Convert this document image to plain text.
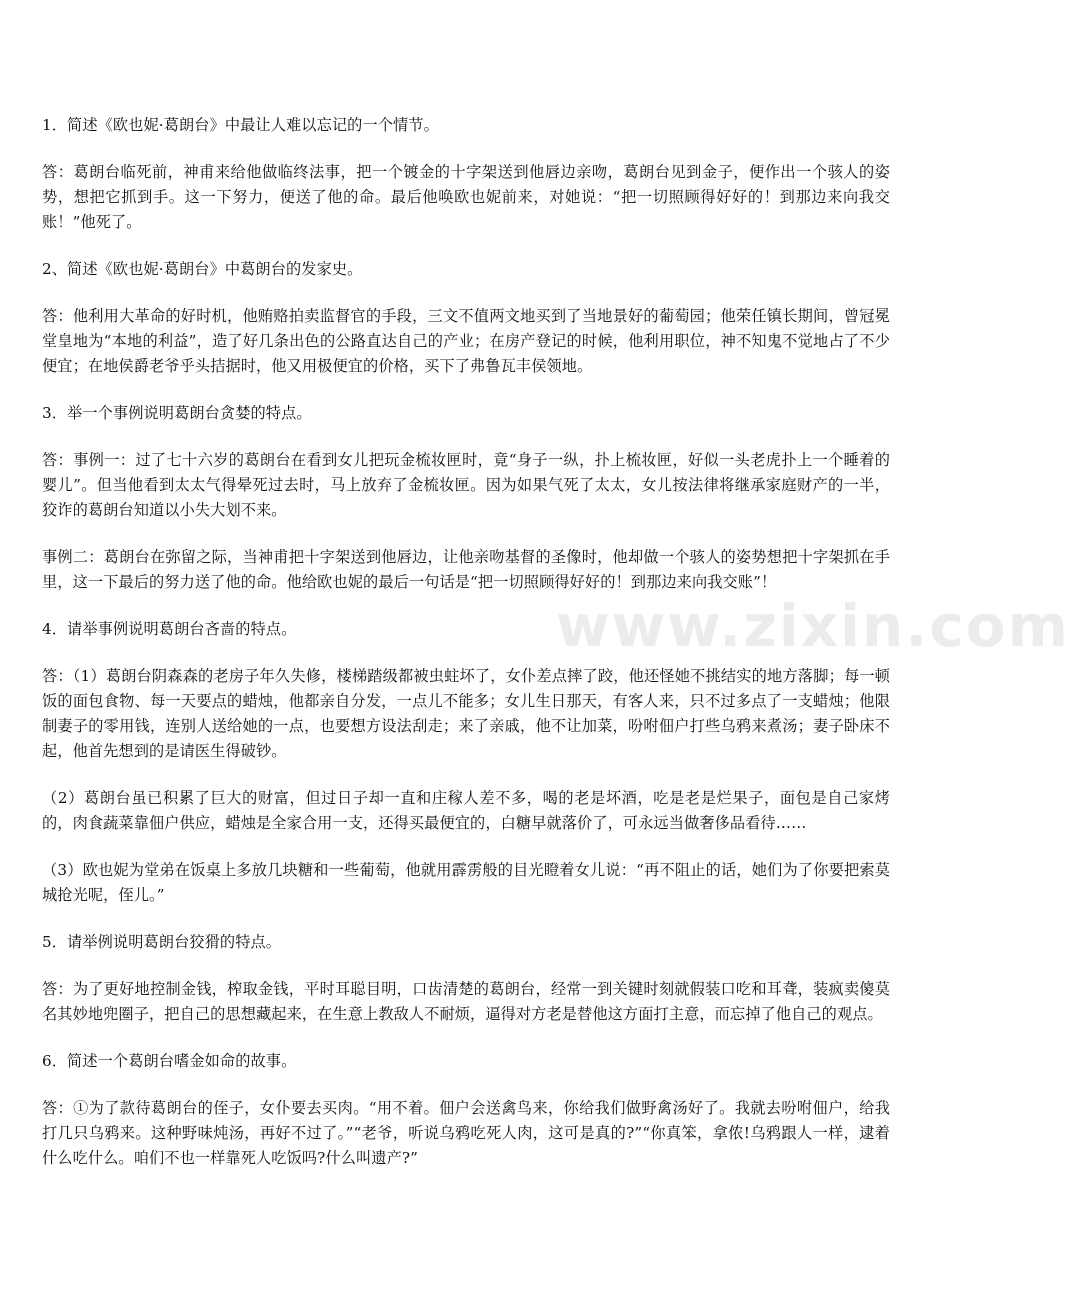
www.zixin.com

1．简述《欧也妮·葛朗台》中最让人难以忘记的一个情节。

答：葛朗台临死前，神甫来给他做临终法事，把一个镀金的十字架送到他唇边亲吻，葛朗台见到金子，便作出一个骇人的姿势，想把它抓到手。这一下努力，便送了他的命。最后他唤欧也妮前来，对她说：“把一切照顾得好好的！到那边来向我交账！”他死了。

2、简述《欧也妮·葛朗台》中葛朗台的发家史。

答：他利用大革命的好时机，他贿赂拍卖监督官的手段，三文不值两文地买到了当地景好的葡萄园；他荣任镇长期间，曾冠冕堂皇地为“本地的利益”，造了好几条出色的公路直达自己的产业；在房产登记的时候，他利用职位，神不知鬼不觉地占了不少便宜；在地侯爵老爷乎头拮据时，他又用极便宜的价格，买下了弗鲁瓦丰侯领地。

3．举一个事例说明葛朗台贪婪的特点。

答：事例一：过了七十六岁的葛朗台在看到女儿把玩金梳妆匣时，竟“身子一纵，扑上梳妆匣，好似一头老虎扑上一个睡着的婴儿”。但当他看到太太气得晕死过去时，马上放弃了金梳妆匣。因为如果气死了太太，女儿按法律将继承家庭财产的一半，狡诈的葛朗台知道以小失大划不来。

事例二：葛朗台在弥留之际，当神甫把十字架送到他唇边，让他亲吻基督的圣像时，他却做一个骇人的姿势想把十字架抓在手里，这一下最后的努力送了他的命。他给欧也妮的最后一句话是“把一切照顾得好好的！到那边来向我交账”！

4．请举事例说明葛朗台吝啬的特点。

答：（1）葛朗台阴森森的老房子年久失修，楼梯踏级都被虫蛀坏了，女仆差点摔了跤，他还怪她不挑结实的地方落脚；每一顿饭的面包食物、每一天要点的蜡烛，他都亲自分发，一点儿不能多；女儿生日那天，有客人来，只不过多点了一支蜡烛；他限制妻子的零用钱，连别人送给她的一点，也要想方设法刮走；来了亲戚，他不让加菜，吩咐佃户打些乌鸦来煮汤；妻子卧床不起，他首先想到的是请医生得破钞。

（2）葛朗台虽已积累了巨大的财富，但过日子却一直和庄稼人差不多，喝的老是坏酒，吃是老是烂果子，面包是自己家烤的，肉食蔬菜靠佃户供应，蜡烛是全家合用一支，还得买最便宜的，白糖早就落价了，可永远当做奢侈品看待……

（3）欧也妮为堂弟在饭桌上多放几块糖和一些葡萄，他就用霹雳般的目光瞪着女儿说：“再不阻止的话，她们为了你要把索莫城抢光呢，侄儿。”

5．请举例说明葛朗台狡猾的特点。

答：为了更好地控制金钱，榨取金钱，平时耳聪目明，口齿清楚的葛朗台，经常一到关键时刻就假装口吃和耳聋，装疯卖傻莫名其妙地兜圈子，把自己的思想藏起来，在生意上教敌人不耐烦，逼得对方老是替他这方面打主意，而忘掉了他自己的观点。

6．简述一个葛朗台嗜金如命的故事。

答：①为了款待葛朗台的侄子，女仆要去买肉。“用不着。佃户会送禽鸟来，你给我们做野禽汤好了。我就去吩咐佃户，给我打几只乌鸦来。这种野味炖汤，再好不过了。”“老爷，听说乌鸦吃死人肉，这可是真的?”“你真笨，拿侬!乌鸦跟人一样，逮着什么吃什么。咱们不也一样靠死人吃饭吗?什么叫遗产?”
